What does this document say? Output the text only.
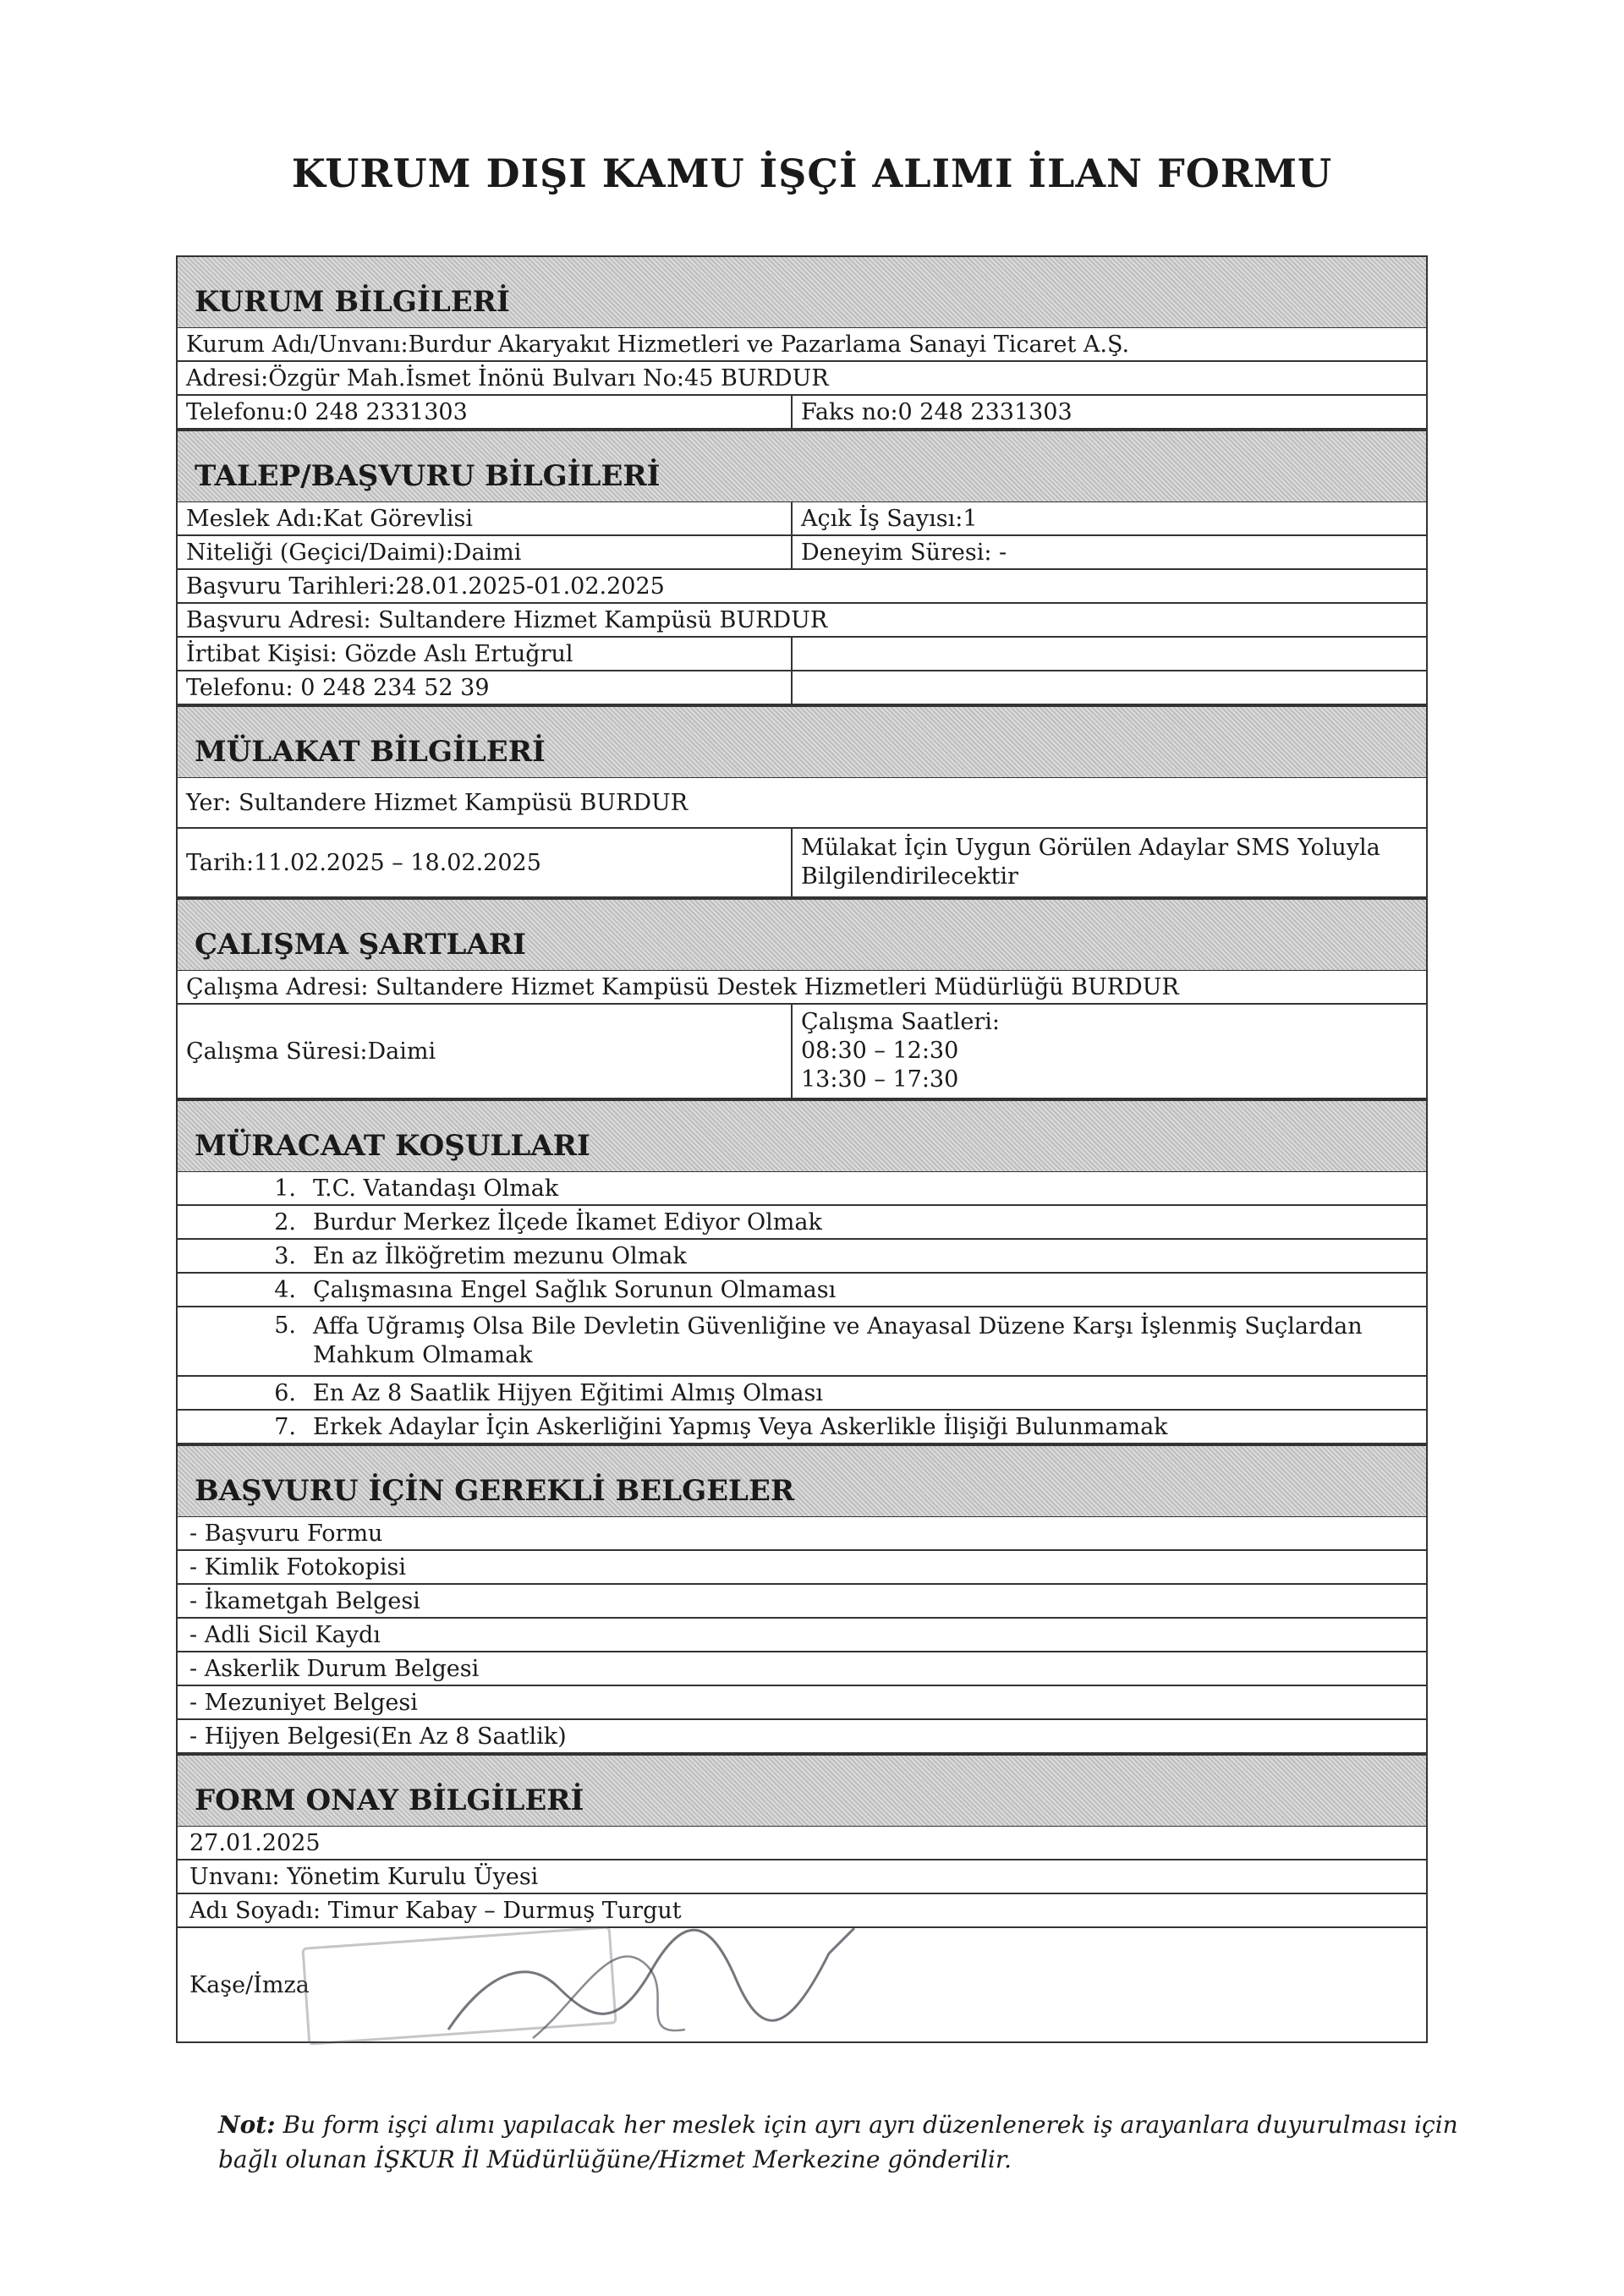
KURUM DIŞI KAMU İŞÇİ ALIMI İLAN FORMU
KURUM BİLGİLERİ
Kurum Adı/Unvanı:Burdur Akaryakıt Hizmetleri ve Pazarlama Sanayi Ticaret A.Ş.
Adresi:Özgür Mah.İsmet İnönü Bulvarı No:45 BURDUR
Telefonu:0 248 2331303	Faks no:0 248 2331303
TALEP/BAŞVURU BİLGİLERİ
Meslek Adı:Kat Görevlisi	Açık İş Sayısı:1
Niteliği (Geçici/Daimi):Daimi	Deneyim Süresi: -
Başvuru Tarihleri:28.01.2025-01.02.2025
Başvuru Adresi: Sultandere Hizmet Kampüsü BURDUR
İrtibat Kişisi: Gözde Aslı Ertuğrul
Telefonu: 0 248 234 52 39
MÜLAKAT BİLGİLERİ
Yer: Sultandere Hizmet Kampüsü BURDUR
Tarih:11.02.2025 – 18.02.2025
Mülakat İçin Uygun Görülen Adaylar SMS Yoluyla Bilgilendirilecektir
ÇALIŞMA ŞARTLARI
Çalışma Adresi: Sultandere Hizmet Kampüsü Destek Hizmetleri Müdürlüğü BURDUR
Çalışma Süresi:Daimi
Çalışma Saatleri:
08:30 – 12:30
13:30 – 17:30
MÜRACAAT KOŞULLARI
1. T.C. Vatandaşı Olmak
2. Burdur Merkez İlçede İkamet Ediyor Olmak
3. En az İlköğretim mezunu Olmak
4. Çalışmasına Engel Sağlık Sorunun Olmaması
5. Affa Uğramış Olsa Bile Devletin Güvenliğine ve Anayasal Düzene Karşı İşlenmiş Suçlardan Mahkum Olmamak
6. En Az 8 Saatlik Hijyen Eğitimi Almış Olması
7. Erkek Adaylar İçin Askerliğini Yapmış Veya Askerlikle İlişiği Bulunmamak
BAŞVURU İÇİN GEREKLİ BELGELER
- Başvuru Formu
- Kimlik Fotokopisi
- İkametgah Belgesi
- Adli Sicil Kaydı
- Askerlik Durum Belgesi
- Mezuniyet Belgesi
- Hijyen Belgesi(En Az 8 Saatlik)
FORM ONAY BİLGİLERİ
27.01.2025
Unvanı: Yönetim Kurulu Üyesi
Adı Soyadı: Timur Kabay – Durmuş Turgut
Kaşe/İmza
Not: Bu form işçi alımı yapılacak her meslek için ayrı ayrı düzenlenerek iş arayanlara duyurulması için bağlı olunan İŞKUR İl Müdürlüğüne/Hizmet Merkezine gönderilir.
